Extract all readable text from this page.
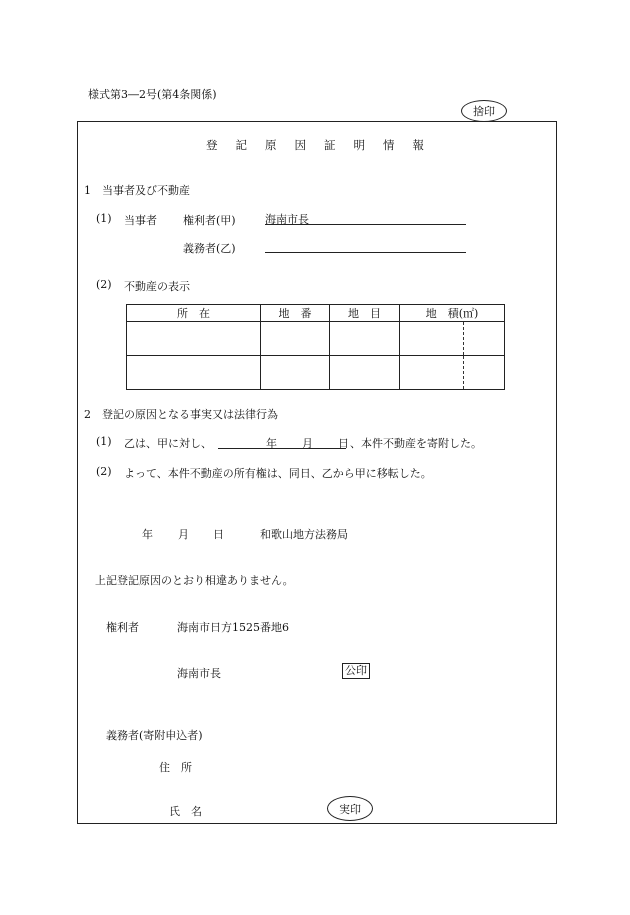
様式第3―2号(第4条関係)
捨印
登 記 原 因 証 明 情 報
1　当事者及び不動産
(1) 当事者 権利者(甲)	海南市長
義務者(乙)
(2) 不動産の表示
所　在	地　番	地　目	地　積(㎡)

2　登記の原因となる事実又は法律行為
(1) 乙は、甲に対し、	年 月 日 、本件不動産を寄附した。
(2) よって、本件不動産の所有権は、同日、乙から甲に移転した。
年 月 日	和歌山地方法務局
上記登記原因のとおり相違ありません。
権利者	海南市日方1525番地6
海南市長	公印
義務者(寄附申込者)
住　所
氏　名	実印
